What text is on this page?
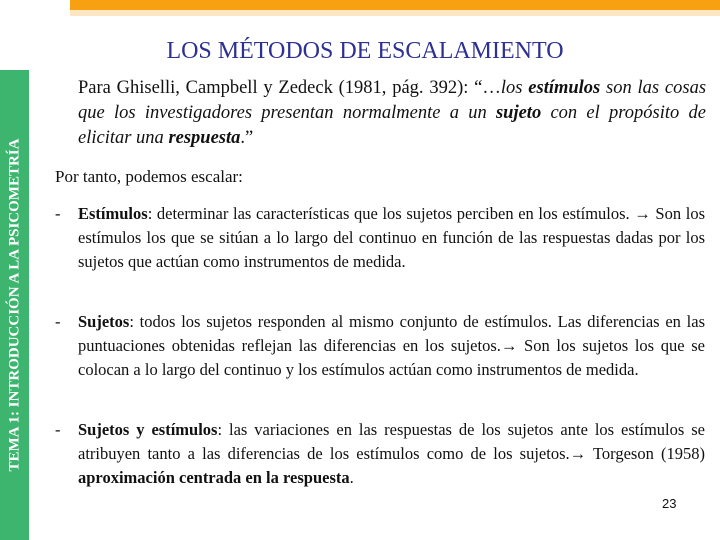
TEMA 1: INTRODUCCIÓN A LA PSICOMETRÍA
LOS MÉTODOS DE ESCALAMIENTO
Para Ghiselli, Campbell y Zedeck (1981, pág. 392): “…los estímulos son las cosas que los investigadores presentan normalmente a un sujeto con el propósito de elicitar una respuesta.”
Por tanto, podemos escalar:
-	Estímulos: determinar las características que los sujetos perciben en los estímulos. → Son los estímulos los que se sitúan a lo largo del continuo en función de las respuestas dadas por los sujetos que actúan como instrumentos de medida.
-	Sujetos: todos los sujetos responden al mismo conjunto de estímulos. Las diferencias en las puntuaciones obtenidas reflejan las diferencias en los sujetos.→ Son los sujetos los que se colocan a lo largo del continuo y los estímulos actúan como instrumentos de medida.
-	Sujetos y estímulos: las variaciones en las respuestas de los sujetos ante los estímulos se atribuyen tanto a las diferencias de los estímulos como de los sujetos.→ Torgeson (1958) aproximación centrada en la respuesta.
23
